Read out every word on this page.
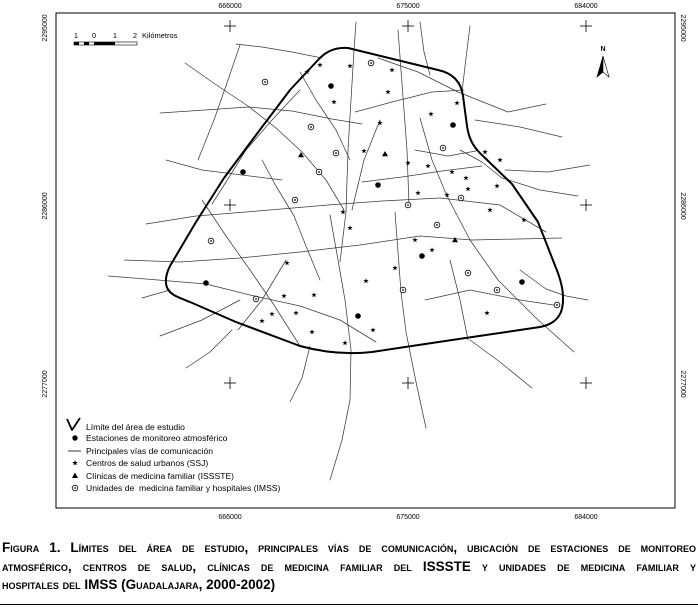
666000	675000	684000
666000	675000	684000
2295000
2286000
2277000
2295000
2286000
2277000
1 0 1 2 Kilómetros
N
Límite del área de estudio
Estaciones de monitoreo atmosférico
Principales vías de comunicación
Centros de salud urbanos (SSJ)
Clínicas de medicina familiar (ISSSTE)
Unidades de  medicina familiar y hospitales (IMSS)
Figura 1. Límites del área de estudio, principales vías de comunicación, ubicación de estaciones de monitoreo
atmosférico, centros de salud, clínicas de medicina familiar del ISSSTE y unidades de medicina familiar y
hospitales del IMSS (Guadalajara, 2000-2002)
